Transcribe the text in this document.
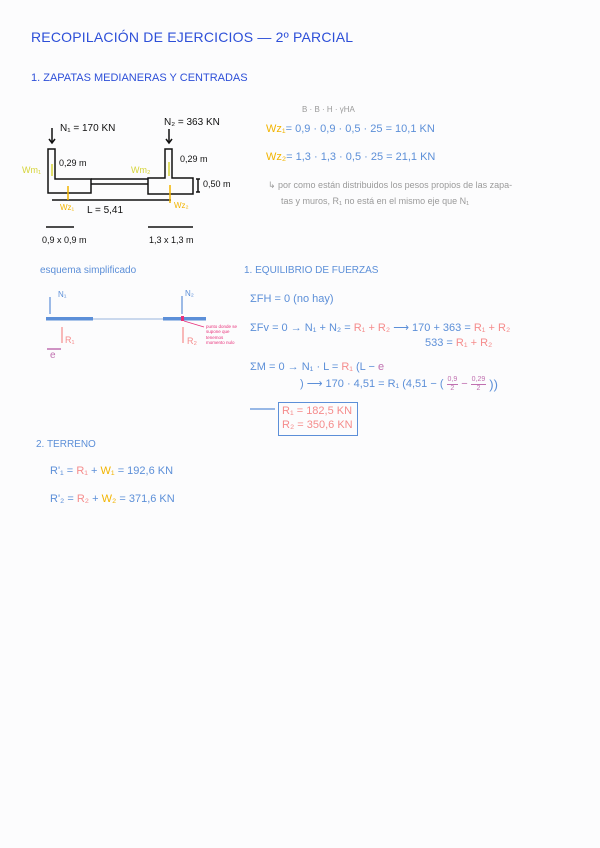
RECOPILACIÓN DE EJERCICIOS — 2º PARCIAL
1. ZAPATAS MEDIANERAS Y CENTRADAS
N₁ = 170 KN
N₂ = 363 KN
0,29 m	0,29 m
0,50 m
Wm₁	Wm₂
Wz₁	Wz₂
L = 5,41
0,9 x 0,9 m	1,3 x 1,3 m
B · B · H · γHA
Wz₁= 0,9 · 0,9 · 0,5 · 25 = 10,1 KN
Wz₂= 1,3 · 1,3 · 0,5 · 25 = 21,1 KN
↳ por como están distribuidos los pesos propios de las zapa-
tas y muros, R₁ no está en el mismo eje que N₁
esquema simplificado
N₁	N₂
R₁	R₂
e
punto donde se supone que tenemos momento nulo
1. EQUILIBRIO DE FUERZAS
ΣFH = 0 (no hay)
ΣFv = 0 → N₁ + N₂ = R₁ + R₂ ⟶ 170 + 363 = R₁ + R₂
533 = R₁ + R₂
ΣM = 0 → N₁ · L = R₁ (L − e
) ⟶ 170 · 4,51 = R₁ (4,51 − ( $\frac{0,9}{2} - \frac{0,29}{2}$ ))
R₁ = 182,5 KN
R₂ = 350,6 KN
2. TERRENO
R'₁ = R₁ + W₁ = 192,6 KN
R'₂ = R₂ + W₂ = 371,6 KN
